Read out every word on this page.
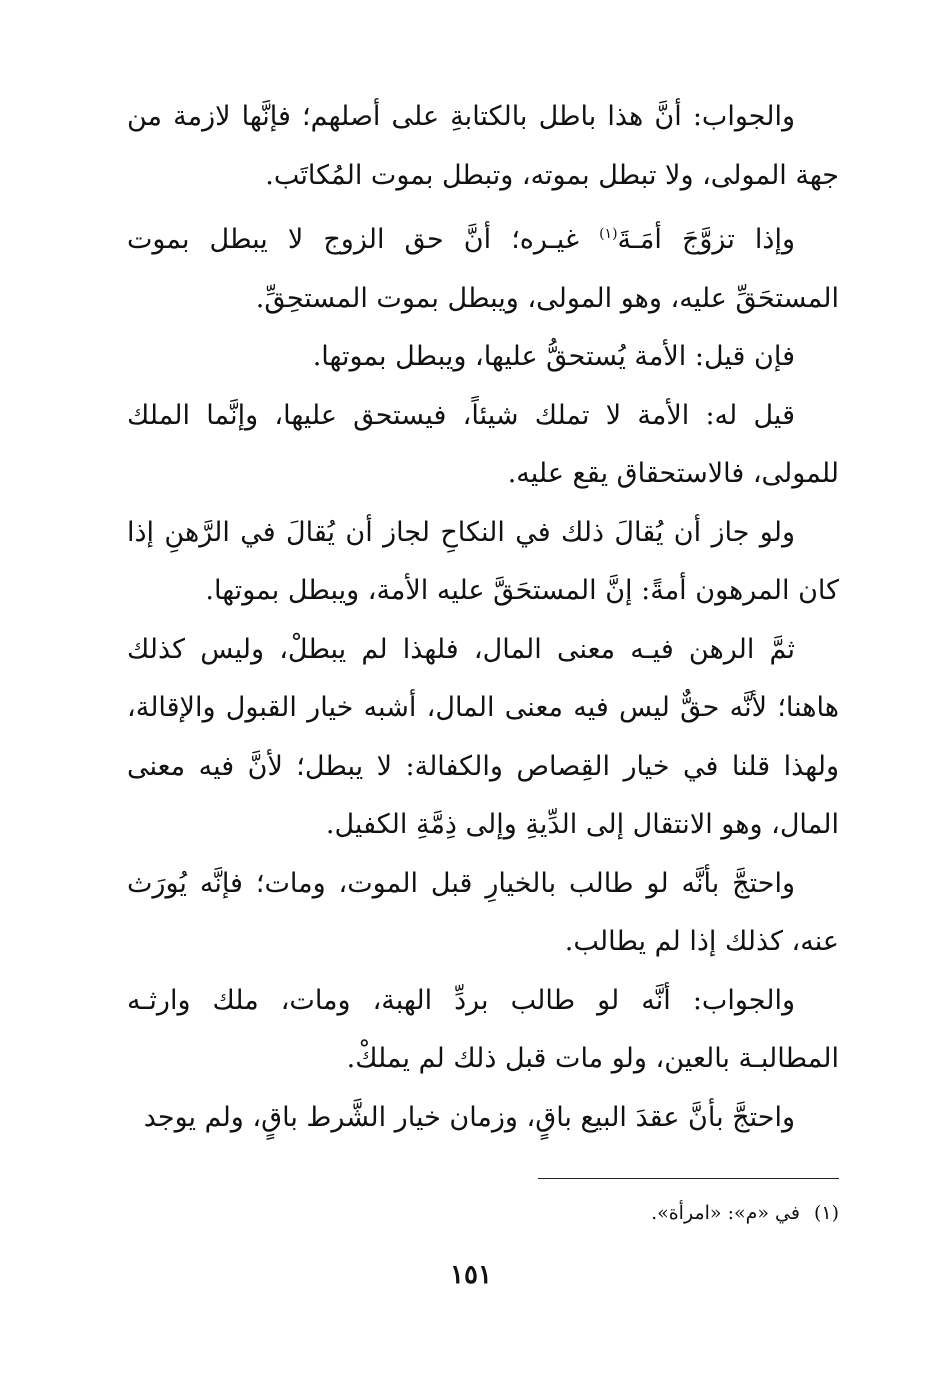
والجواب: أنَّ هذا باطل بالكتابةِ على أصلهم؛ فإنَّها لازمة من جهة المولى، ولا تبطل بموته، وتبطل بموت المُكاتَب.

وإذا تزوَّجَ أمَـةَ$^{(١)}$ غيـره؛ أنَّ حق الزوج لا يبطل بموت المستحَقِّ عليه، وهو المولى، ويبطل بموت المستحِقِّ.

فإن قيل: الأمة يُستحقُّ عليها، ويبطل بموتها.

قيل له: الأمة لا تملك شيئاً، فيستحق عليها، وإنَّما الملك للمولى، فالاستحقاق يقع عليه.

ولو جاز أن يُقالَ ذلك في النكاحِ لجاز أن يُقالَ في الرَّهنِ إذا كان المرهون أمةً: إنَّ المستحَقَّ عليه الأمة، ويبطل بموتها.

ثمَّ الرهن فيـه معنى المال، فلهذا لم يبطلْ، وليس كذلك هاهنا؛ لأنَّه حقٌّ ليس فيه معنى المال، أشبه خيار القبول والإقالة، ولهذا قلنا في خيار القِصاص والكفالة: لا يبطل؛ لأنَّ فيه معنى المال، وهو الانتقال إلى الدِّيةِ وإلى ذِمَّةِ الكفيل.

واحتجَّ بأنَّه لو طالب بالخيارِ قبل الموت، ومات؛ فإنَّه يُورَث عنه، كذلك إذا لم يطالب.

والجواب: أنَّه لو طالب بردِّ الهبة، ومات، ملك وارثـه المطالبـة بالعين، ولو مات قبل ذلك لم يملكْ.

واحتجَّ بأنَّ عقدَ البيع باقٍ، وزمان خيار الشَّرط باقٍ، ولم يوجد

(١)في «م»: «امرأة».
١٥١
